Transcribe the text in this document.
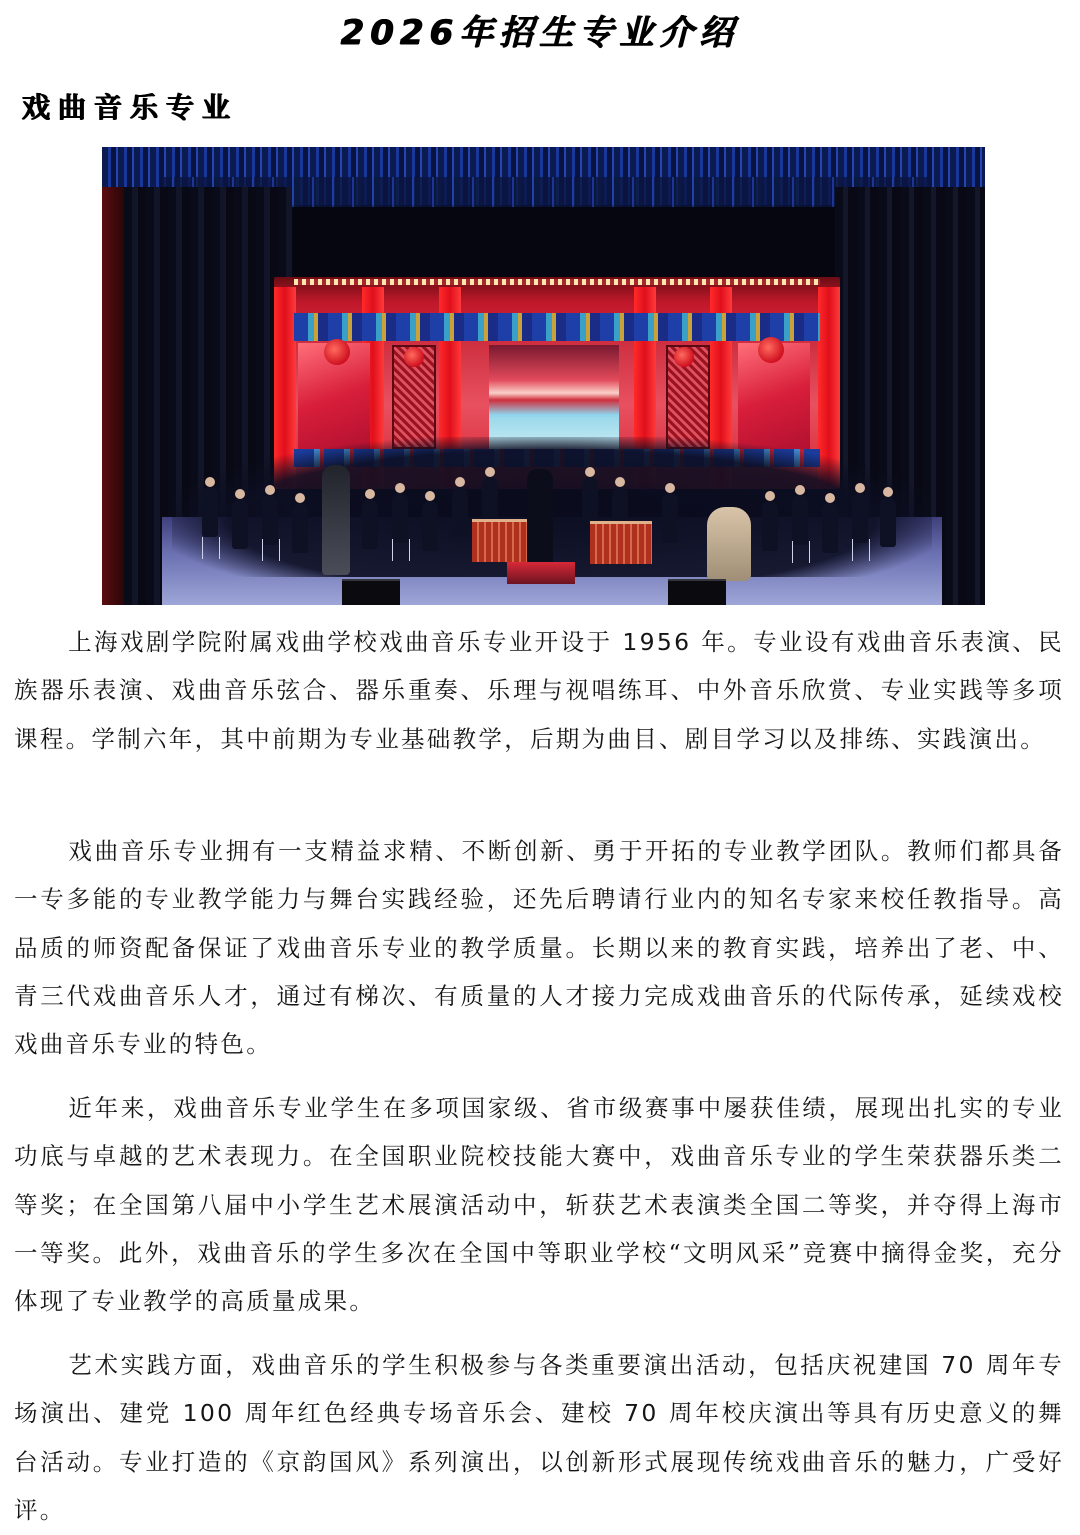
2026年招生专业介绍
戏曲音乐专业

上海戏剧学院附属戏曲学校戏曲音乐专业开设于 1956 年。专业设有戏曲音乐表演、民族器乐表演、戏曲音乐弦合、器乐重奏、乐理与视唱练耳、中外音乐欣赏、专业实践等多项课程。学制六年，其中前期为专业基础教学，后期为曲目、剧目学习以及排练、实践演出。

戏曲音乐专业拥有一支精益求精、不断创新、勇于开拓的专业教学团队。教师们都具备一专多能的专业教学能力与舞台实践经验，还先后聘请行业内的知名专家来校任教指导。高品质的师资配备保证了戏曲音乐专业的教学质量。长期以来的教育实践，培养出了老、中、青三代戏曲音乐人才，通过有梯次、有质量的人才接力完成戏曲音乐的代际传承，延续戏校戏曲音乐专业的特色。

近年来，戏曲音乐专业学生在多项国家级、省市级赛事中屡获佳绩，展现出扎实的专业功底与卓越的艺术表现力。在全国职业院校技能大赛中，戏曲音乐专业的学生荣获器乐类二等奖；在全国第八届中小学生艺术展演活动中，斩获艺术表演类全国二等奖，并夺得上海市一等奖。此外，戏曲音乐的学生多次在全国中等职业学校“文明风采”竞赛中摘得金奖，充分体现了专业教学的高质量成果。

艺术实践方面，戏曲音乐的学生积极参与各类重要演出活动，包括庆祝建国 70 周年专场演出、建党 100 周年红色经典专场音乐会、建校 70 周年校庆演出等具有历史意义的舞台活动。专业打造的《京韵国风》系列演出，以创新形式展现传统戏曲音乐的魅力，广受好评。
